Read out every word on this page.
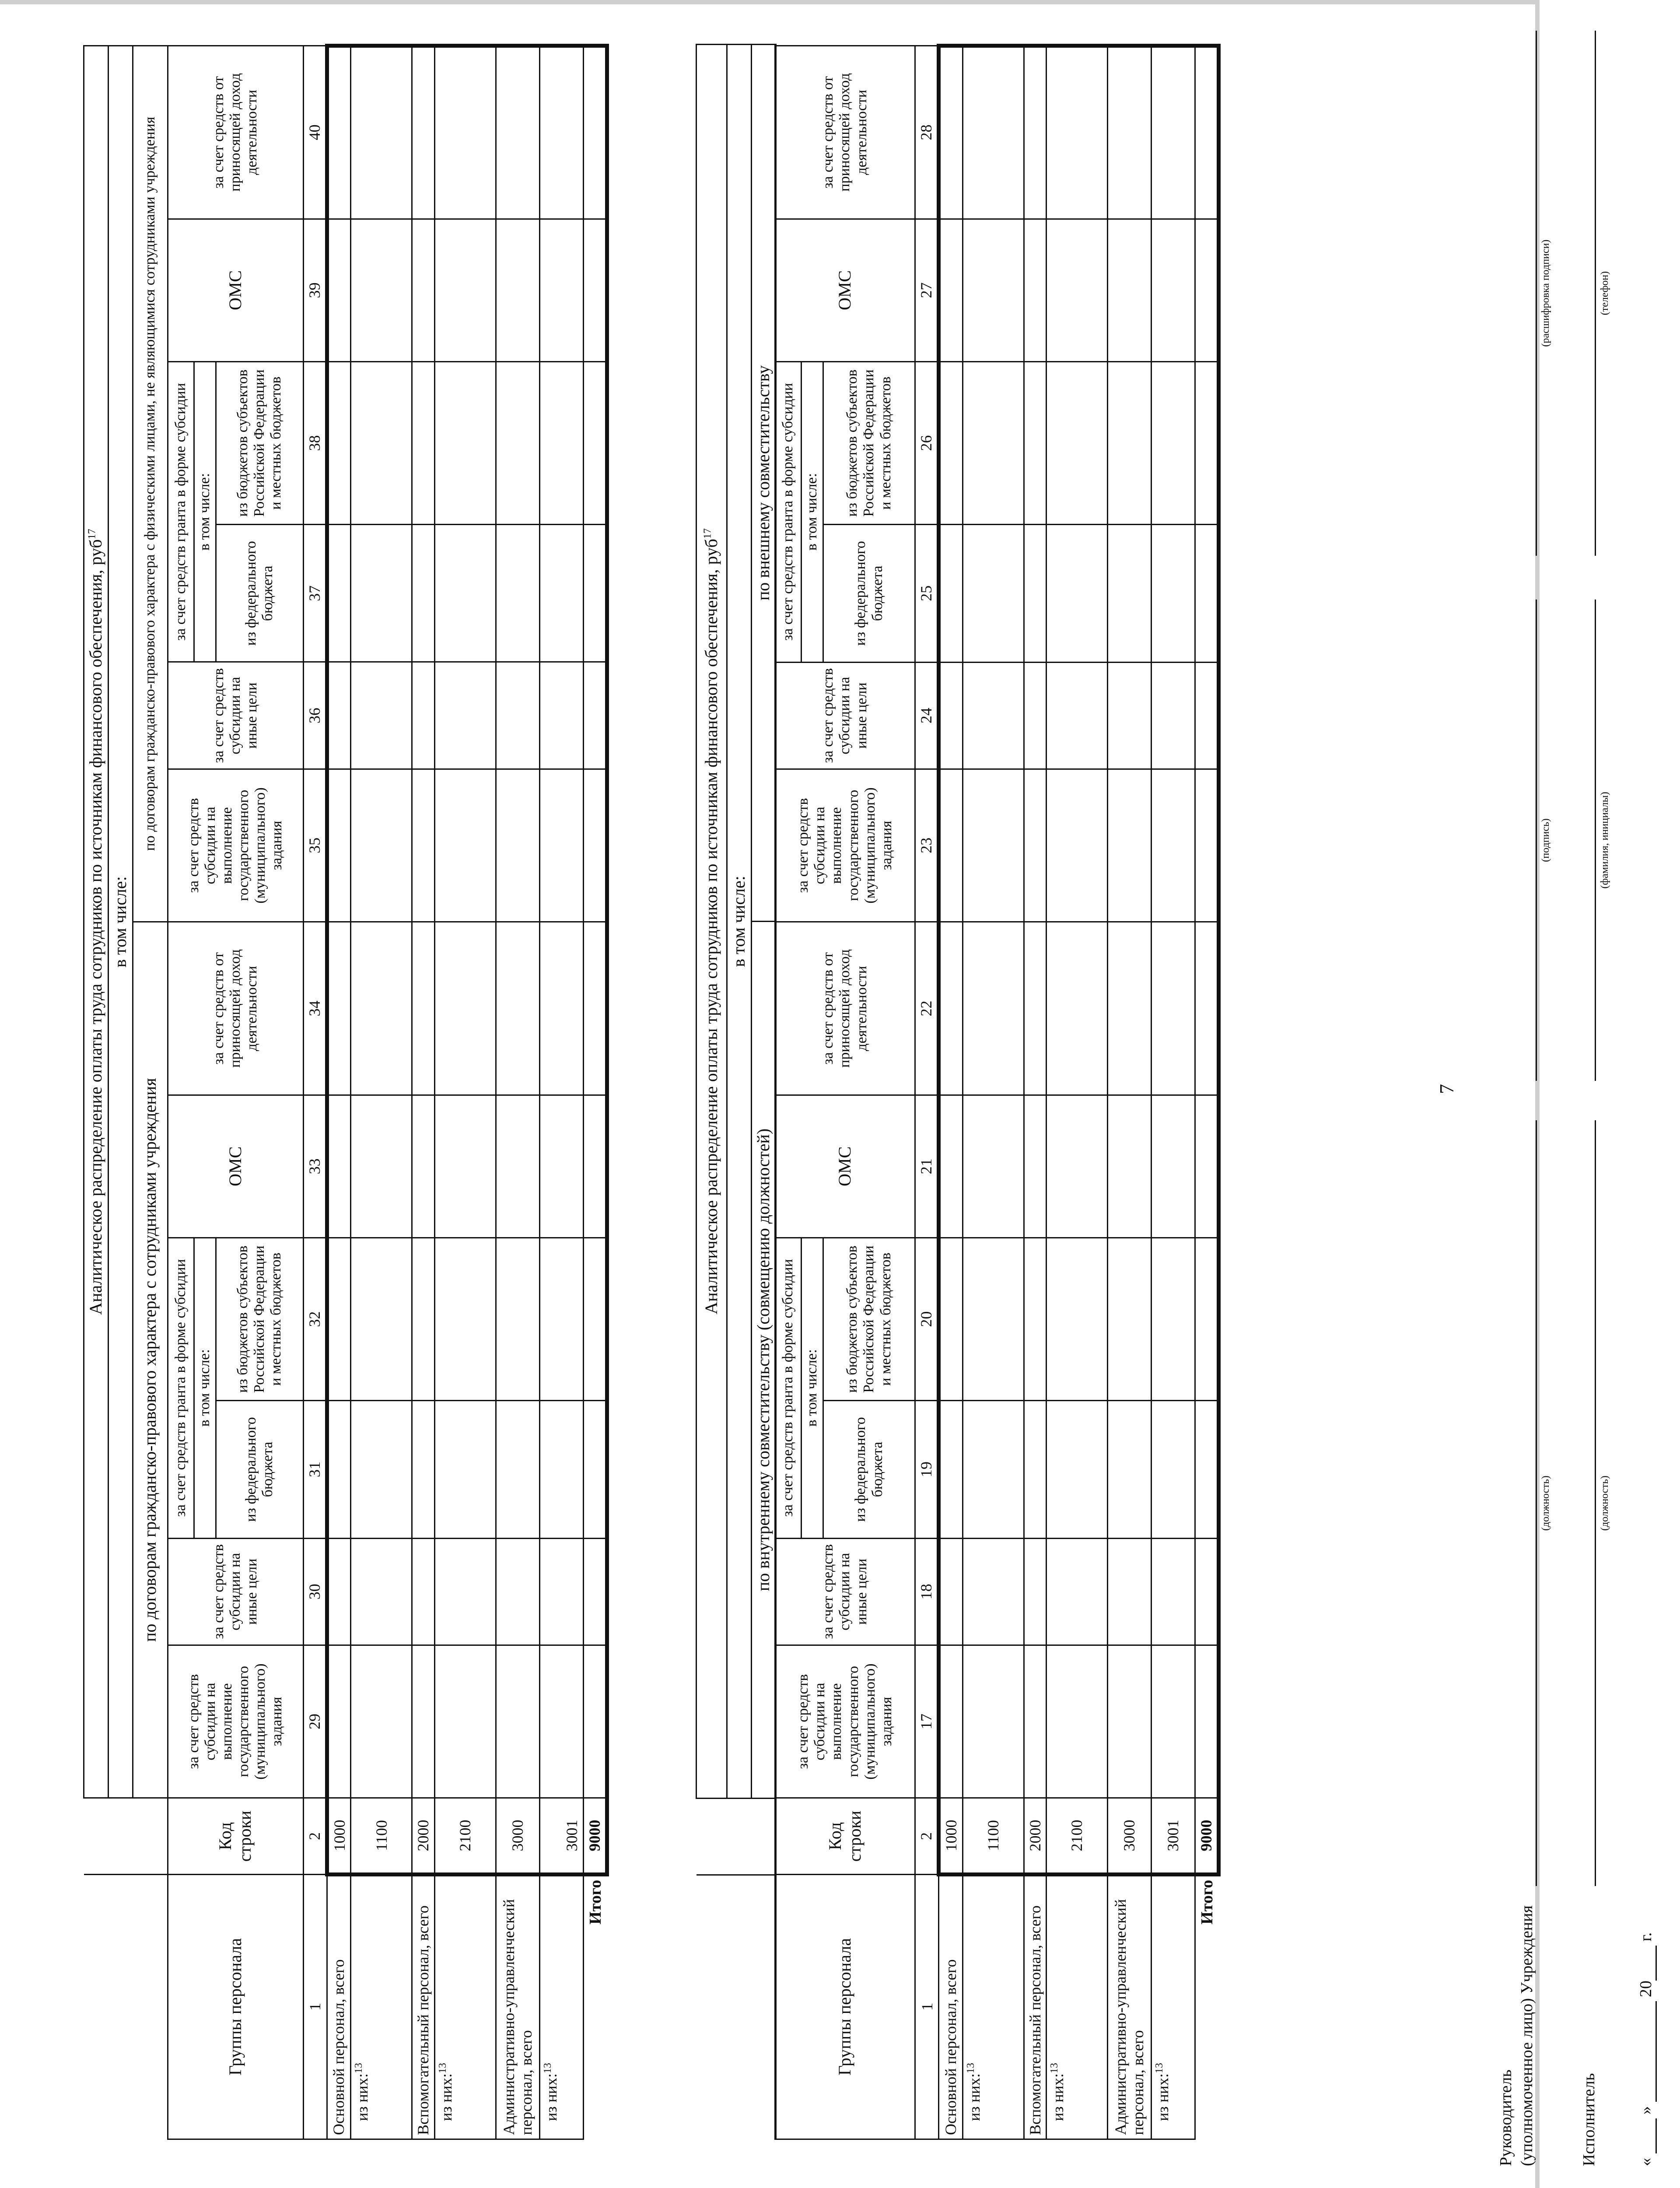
7
		Аналитическое распределение оплаты труда сотрудников по источникам финансового обеспечения, руб$^{17}$
		в том числе:	
		по внутреннему совместительству (совмещению должностей)	по внешнему совместительству
Группы персонала	Код строки	за счет средств субсидии на выполнение государственного (муниципального) задания	за счет средств субсидии на иные цели	за счет средств гранта в форме субсидии		ОМС	за счет средств от приносящей доход деятельности	за счет средств субсидии на выполнение государственного (муниципального) задания	за счет средств субсидии на иные цели	за счет средств гранта в форме субсидии		ОМС	за счет средств от приносящей доход деятельности
				в том числе:						в том числе:			
				из федерального бюджета	из бюджетов субъектов Российской Федерации и местных бюджетов					из федерального бюджета	из бюджетов субъектов Российской Федерации и местных бюджетов		
1	2	17	18	19	20	21	22	23	24	25	26	27	28
Основной персонал, всего	1000												
из них:$^{13}$	1100												
Вспомогательный персонал, всего	2000												
из них:$^{13}$	2100												
Административно-управленческий персонал, всего	3000												
из них:$^{13}$	3001												
Итого	9000												
		Аналитическое распределение оплаты труда сотрудников по источникам финансового обеспечения, руб$^{17}$
		в том числе:											
		по договорам гражданско-правового характера с сотрудниками учреждения						по договорам гражданско-правового характера с физическими лицами, не являющимися сотрудниками учреждения					
Группы персонала	Код строки	за счет средств субсидии на выполнение государственного (муниципального) задания	за счет средств субсидии на иные цели	за счет средств гранта в форме субсидии		ОМС	за счет средств от приносящей доход деятельности	за счет средств субсидии на выполнение государственного (муниципального) задания	за счет средств субсидии на иные цели	за счет средств гранта в форме субсидии		ОМС	за счет средств от приносящей доход деятельности
				в том числе:						в том числе:			
				из федерального бюджета	из бюджетов субъектов Российской Федерации и местных бюджетов					из федерального бюджета	из бюджетов субъектов Российской Федерации и местных бюджетов		
1	2	29	30	31	32	33	34	35	36	37	38	39	40
Основной персонал, всего	1000												
из них:$^{13}$	1100												
Вспомогательный персонал, всего	2000												
из них:$^{13}$	2100												
Административно-управленческий персонал, всего	3000												
из них:$^{13}$	3001												
Итого	9000												
Руководитель (уполномоченное лицо) Учреждения
(должность)
(подпись)
(расшифровка подписи)
Исполнитель
(должность)
(фамилия, инициалы)
(телефон)
«   »   20  г.
